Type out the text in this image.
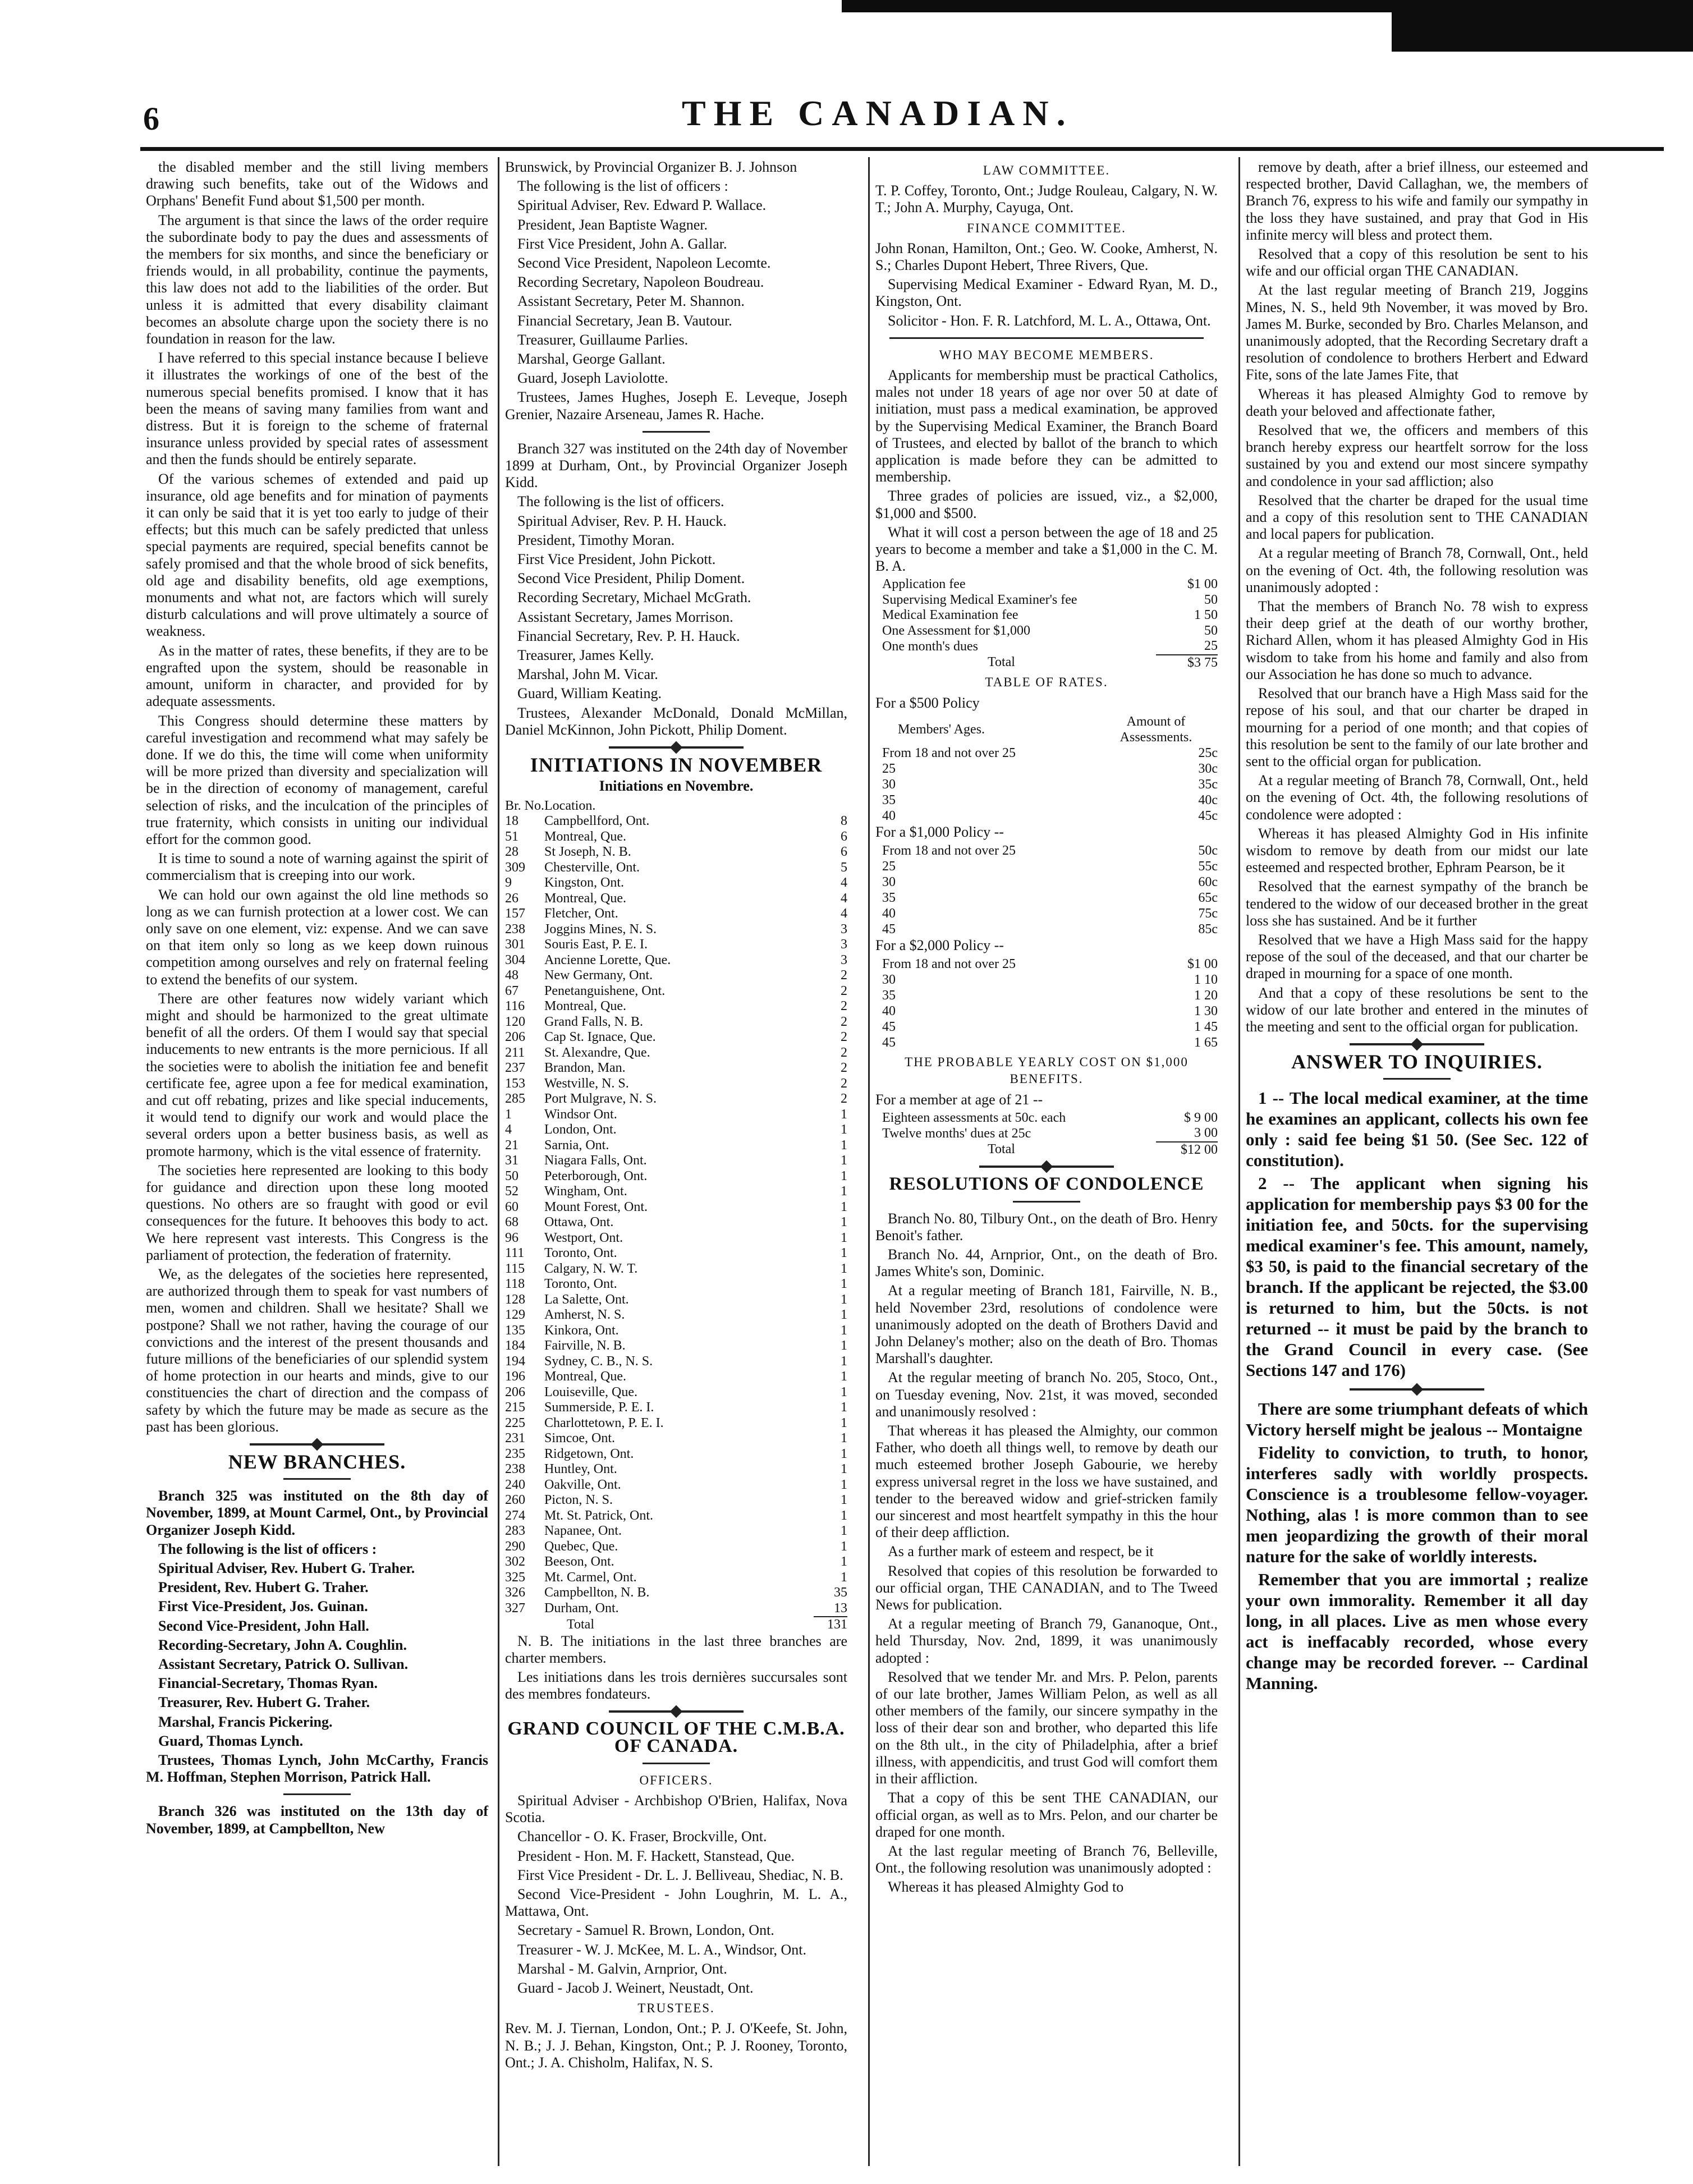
6	THE CANADIAN.

the disabled member and the still living members drawing such benefits, take out of the Widows and Orphans' Benefit Fund about $1,500 per month.

The argument is that since the laws of the order require the subordinate body to pay the dues and assessments of the members for six months, and since the beneficiary or friends would, in all probability, continue the payments, this law does not add to the liabilities of the order. But unless it is admitted that every disability claimant becomes an absolute charge upon the society there is no foundation in reason for the law.

I have referred to this special instance because I believe it illustrates the workings of one of the best of the numerous special benefits promised. I know that it has been the means of saving many families from want and distress. But it is foreign to the scheme of fraternal insurance unless provided by special rates of assessment and then the funds should be entirely separate.

Of the various schemes of extended and paid up insurance, old age benefits and for mination of payments it can only be said that it is yet too early to judge of their effects; but this much can be safely predicted that unless special payments are required, special benefits cannot be safely promised and that the whole brood of sick benefits, old age and disability benefits, old age exemptions, monuments and what not, are factors which will surely disturb calculations and will prove ultimately a source of weakness.

As in the matter of rates, these benefits, if they are to be engrafted upon the system, should be reasonable in amount, uniform in character, and provided for by adequate assessments.

This Congress should determine these matters by careful investigation and recommend what may safely be done. If we do this, the time will come when uniformity will be more prized than diversity and specialization will be in the direction of economy of management, careful selection of risks, and the inculcation of the principles of true fraternity, which consists in uniting our individual effort for the common good.

It is time to sound a note of warning against the spirit of commercialism that is creeping into our work.

We can hold our own against the old line methods so long as we can furnish protection at a lower cost. We can only save on one element, viz: expense. And we can save on that item only so long as we keep down ruinous competition among ourselves and rely on fraternal feeling to extend the benefits of our system.

There are other features now widely variant which might and should be harmonized to the great ultimate benefit of all the orders. Of them I would say that special inducements to new entrants is the more pernicious. If all the societies were to abolish the initiation fee and benefit certificate fee, agree upon a fee for medical examination, and cut off rebating, prizes and like special inducements, it would tend to dignify our work and would place the several orders upon a better business basis, as well as promote harmony, which is the vital essence of fraternity.

The societies here represented are looking to this body for guidance and direction upon these long mooted questions. No others are so fraught with good or evil consequences for the future. It behooves this body to act. We here represent vast interests. This Congress is the parliament of protection, the federation of fraternity.

We, as the delegates of the societies here represented, are authorized through them to speak for vast numbers of men, women and children. Shall we hesitate? Shall we postpone? Shall we not rather, having the courage of our convictions and the interest of the present thousands and future millions of the beneficiaries of our splendid system of home protection in our hearts and minds, give to our constituencies the chart of direction and the compass of safety by which the future may be made as secure as the past has been glorious.

NEW BRANCHES.

Branch 325 was instituted on the 8th day of November, 1899, at Mount Carmel, Ont., by Provincial Organizer Joseph Kidd.

The following is the list of officers :

Spiritual Adviser, Rev. Hubert G. Traher.

President, Rev. Hubert G. Traher.

First Vice-President, Jos. Guinan.

Second Vice-President, John Hall.

Recording-Secretary, John A. Coughlin.

Assistant Secretary, Patrick O. Sullivan.

Financial-Secretary, Thomas Ryan.

Treasurer, Rev. Hubert G. Traher.

Marshal, Francis Pickering.

Guard, Thomas Lynch.

Trustees, Thomas Lynch, John McCarthy, Francis M. Hoffman, Stephen Morrison, Patrick Hall.

Branch 326 was instituted on the 13th day of November, 1899, at Campbellton, New

Brunswick, by Provincial Organizer B. J. Johnson

The following is the list of officers :

Spiritual Adviser, Rev. Edward P. Wallace.

President, Jean Baptiste Wagner.

First Vice President, John A. Gallar.

Second Vice President, Napoleon Lecomte.

Recording Secretary, Napoleon Boudreau.

Assistant Secretary, Peter M. Shannon.

Financial Secretary, Jean B. Vautour.

Treasurer, Guillaume Parlies.

Marshal, George Gallant.

Guard, Joseph Laviolotte.

Trustees, James Hughes, Joseph E. Leveque, Joseph Grenier, Nazaire Arseneau, James R. Hache.

Branch 327 was instituted on the 24th day of November 1899 at Durham, Ont., by Provincial Organizer Joseph Kidd.

The following is the list of officers.

Spiritual Adviser, Rev. P. H. Hauck.

President, Timothy Moran.

First Vice President, John Pickott.

Second Vice President, Philip Doment.

Recording Secretary, Michael McGrath.

Assistant Secretary, James Morrison.

Financial Secretary, Rev. P. H. Hauck.

Treasurer, James Kelly.

Marshal, John M. Vicar.

Guard, William Keating.

Trustees, Alexander McDonald, Donald McMillan, Daniel McKinnon, John Pickott, Philip Doment.

INITIATIONS IN NOVEMBER
Initiations en Novembre.
Br. No.	Location.	
18	Campbellford, Ont.	8
51	Montreal, Que.	6
28	St Joseph, N. B.	6
309	Chesterville, Ont.	5
9	Kingston, Ont.	4
26	Montreal, Que.	4
157	Fletcher, Ont.	4
238	Joggins Mines, N. S.	3
301	Souris East, P. E. I.	3
304	Ancienne Lorette, Que.	3
48	New Germany, Ont.	2
67	Penetanguishene, Ont.	2
116	Montreal, Que.	2
120	Grand Falls, N. B.	2
206	Cap St. Ignace, Que.	2
211	St. Alexandre, Que.	2
237	Brandon, Man.	2
153	Westville, N. S.	2
285	Port Mulgrave, N. S.	2
1	Windsor Ont.	1
4	London, Ont.	1
21	Sarnia, Ont.	1
31	Niagara Falls, Ont.	1
50	Peterborough, Ont.	1
52	Wingham, Ont.	1
60	Mount Forest, Ont.	1
68	Ottawa, Ont.	1
96	Westport, Ont.	1
111	Toronto, Ont.	1
115	Calgary, N. W. T.	1
118	Toronto, Ont.	1
128	La Salette, Ont.	1
129	Amherst, N. S.	1
135	Kinkora, Ont.	1
184	Fairville, N. B.	1
194	Sydney, C. B., N. S.	1
196	Montreal, Que.	1
206	Louiseville, Que.	1
215	Summerside, P. E. I.	1
225	Charlottetown, P. E. I.	1
231	Simcoe, Ont.	1
235	Ridgetown, Ont.	1
238	Huntley, Ont.	1
240	Oakville, Ont.	1
260	Picton, N. S.	1
274	Mt. St. Patrick, Ont.	1
283	Napanee, Ont.	1
290	Quebec, Que.	1
302	Beeson, Ont.	1
325	Mt. Carmel, Ont.	1
326	Campbellton, N. B.	35
327	Durham, Ont.	13
	Total	131

N. B. The initiations in the last three branches are charter members.

Les initiations dans les trois dernières succursales sont des membres fondateurs.

GRAND COUNCIL OF THE C.M.B.A. OF CANADA.
OFFICERS.

Spiritual Adviser - Archbishop O'Brien, Halifax, Nova Scotia.

Chancellor - O. K. Fraser, Brockville, Ont.

President - Hon. M. F. Hackett, Stanstead, Que.

First Vice President - Dr. L. J. Belliveau, Shediac, N. B.

Second Vice-President - John Loughrin, M. L. A., Mattawa, Ont.

Secretary - Samuel R. Brown, London, Ont.

Treasurer - W. J. McKee, M. L. A., Windsor, Ont.

Marshal - M. Galvin, Arnprior, Ont.

Guard - Jacob J. Weinert, Neustadt, Ont.

TRUSTEES.

Rev. M. J. Tiernan, London, Ont.; P. J. O'Keefe, St. John, N. B.; J. J. Behan, Kingston, Ont.; P. J. Rooney, Toronto, Ont.; J. A. Chisholm, Halifax, N. S.

LAW COMMITTEE.

T. P. Coffey, Toronto, Ont.; Judge Rouleau, Calgary, N. W. T.; John A. Murphy, Cayuga, Ont.

FINANCE COMMITTEE.

John Ronan, Hamilton, Ont.; Geo. W. Cooke, Amherst, N. S.; Charles Dupont Hebert, Three Rivers, Que.

Supervising Medical Examiner - Edward Ryan, M. D., Kingston, Ont.

Solicitor - Hon. F. R. Latchford, M. L. A., Ottawa, Ont.

WHO MAY BECOME MEMBERS.

Applicants for membership must be practical Catholics, males not under 18 years of age nor over 50 at date of initiation, must pass a medical examination, be approved by the Supervising Medical Examiner, the Branch Board of Trustees, and elected by ballot of the branch to which application is made before they can be admitted to membership.

Three grades of policies are issued, viz., a $2,000, $1,000 and $500.

What it will cost a person between the age of 18 and 25 years to become a member and take a $1,000 in the C. M. B. A.

Application fee	$1 00
Supervising Medical Examiner's fee	50
Medical Examination fee	1 50
One Assessment for $1,000	50
One month's dues	25
Total	$3 75
TABLE OF RATES.

For a $500 Policy

Members' Ages.	Amount of Assessments.
From 18 and not over 25	25c
25	30c
30	35c
35	40c
40	45c

For a $1,000 Policy --

From 18 and not over 25	50c
25	55c
30	60c
35	65c
40	75c
45	85c

For a $2,000 Policy --

From 18 and not over 25	$1 00
30	1 10
35	1 20
40	1 30
45	1 45
45	1 65
THE PROBABLE YEARLY COST ON $1,000 BENEFITS.

For a member at age of 21 --

Eighteen assessments at 50c. each	$ 9 00
Twelve months' dues at 25c	3 00
Total	$12 00
RESOLUTIONS OF CONDOLENCE

Branch No. 80, Tilbury Ont., on the death of Bro. Henry Benoit's father.

Branch No. 44, Arnprior, Ont., on the death of Bro. James White's son, Dominic.

At a regular meeting of Branch 181, Fairville, N. B., held November 23rd, resolutions of condolence were unanimously adopted on the death of Brothers David and John Delaney's mother; also on the death of Bro. Thomas Marshall's daughter.

At the regular meeting of branch No. 205, Stoco, Ont., on Tuesday evening, Nov. 21st, it was moved, seconded and unanimously resolved :

That whereas it has pleased the Almighty, our common Father, who doeth all things well, to remove by death our much esteemed brother Joseph Gabourie, we hereby express universal regret in the loss we have sustained, and tender to the bereaved widow and grief-stricken family our sincerest and most heartfelt sympathy in this the hour of their deep affliction.

As a further mark of esteem and respect, be it

Resolved that copies of this resolution be forwarded to our official organ, THE CANADIAN, and to The Tweed News for publication.

At a regular meeting of Branch 79, Gananoque, Ont., held Thursday, Nov. 2nd, 1899, it was unanimously adopted :

Resolved that we tender Mr. and Mrs. P. Pelon, parents of our late brother, James William Pelon, as well as all other members of the family, our sincere sympathy in the loss of their dear son and brother, who departed this life on the 8th ult., in the city of Philadelphia, after a brief illness, with appendicitis, and trust God will comfort them in their affliction.

That a copy of this be sent THE CANADIAN, our official organ, as well as to Mrs. Pelon, and our charter be draped for one month.

At the last regular meeting of Branch 76, Belleville, Ont., the following resolution was unanimously adopted :

Whereas it has pleased Almighty God to

remove by death, after a brief illness, our esteemed and respected brother, David Callaghan, we, the members of Branch 76, express to his wife and family our sympathy in the loss they have sustained, and pray that God in His infinite mercy will bless and protect them.

Resolved that a copy of this resolution be sent to his wife and our official organ THE CANADIAN.

At the last regular meeting of Branch 219, Joggins Mines, N. S., held 9th November, it was moved by Bro. James M. Burke, seconded by Bro. Charles Melanson, and unanimously adopted, that the Recording Secretary draft a resolution of condolence to brothers Herbert and Edward Fite, sons of the late James Fite, that

Whereas it has pleased Almighty God to remove by death your beloved and affectionate father,

Resolved that we, the officers and members of this branch hereby express our heartfelt sorrow for the loss sustained by you and extend our most sincere sympathy and condolence in your sad affliction; also

Resolved that the charter be draped for the usual time and a copy of this resolution sent to THE CANADIAN and local papers for publication.

At a regular meeting of Branch 78, Cornwall, Ont., held on the evening of Oct. 4th, the following resolution was unanimously adopted :

That the members of Branch No. 78 wish to express their deep grief at the death of our worthy brother, Richard Allen, whom it has pleased Almighty God in His wisdom to take from his home and family and also from our Association he has done so much to advance.

Resolved that our branch have a High Mass said for the repose of his soul, and that our charter be draped in mourning for a period of one month; and that copies of this resolution be sent to the family of our late brother and sent to the official organ for publication.

At a regular meeting of Branch 78, Cornwall, Ont., held on the evening of Oct. 4th, the following resolutions of condolence were adopted :

Whereas it has pleased Almighty God in His infinite wisdom to remove by death from our midst our late esteemed and respected brother, Ephram Pearson, be it

Resolved that the earnest sympathy of the branch be tendered to the widow of our deceased brother in the great loss she has sustained. And be it further

Resolved that we have a High Mass said for the happy repose of the soul of the deceased, and that our charter be draped in mourning for a space of one month.

And that a copy of these resolutions be sent to the widow of our late brother and entered in the minutes of the meeting and sent to the official organ for publication.

ANSWER TO INQUIRIES.

1 -- The local medical examiner, at the time he examines an applicant, collects his own fee only : said fee being $1 50. (See Sec. 122 of constitution).

2 -- The applicant when signing his application for membership pays $3 00 for the initiation fee, and 50cts. for the supervising medical examiner's fee. This amount, namely, $3 50, is paid to the financial secretary of the branch. If the applicant be rejected, the $3.00 is returned to him, but the 50cts. is not returned -- it must be paid by the branch to the Grand Council in every case. (See Sections 147 and 176)

There are some triumphant defeats of which Victory herself might be jealous -- Montaigne

Fidelity to conviction, to truth, to honor, interferes sadly with worldly prospects. Conscience is a troublesome fellow-voyager. Nothing, alas ! is more common than to see men jeopardizing the growth of their moral nature for the sake of worldly interests.

Remember that you are immortal ; realize your own immorality. Remember it all day long, in all places. Live as men whose every act is ineffacably recorded, whose every change may be recorded forever. -- Cardinal Manning.
